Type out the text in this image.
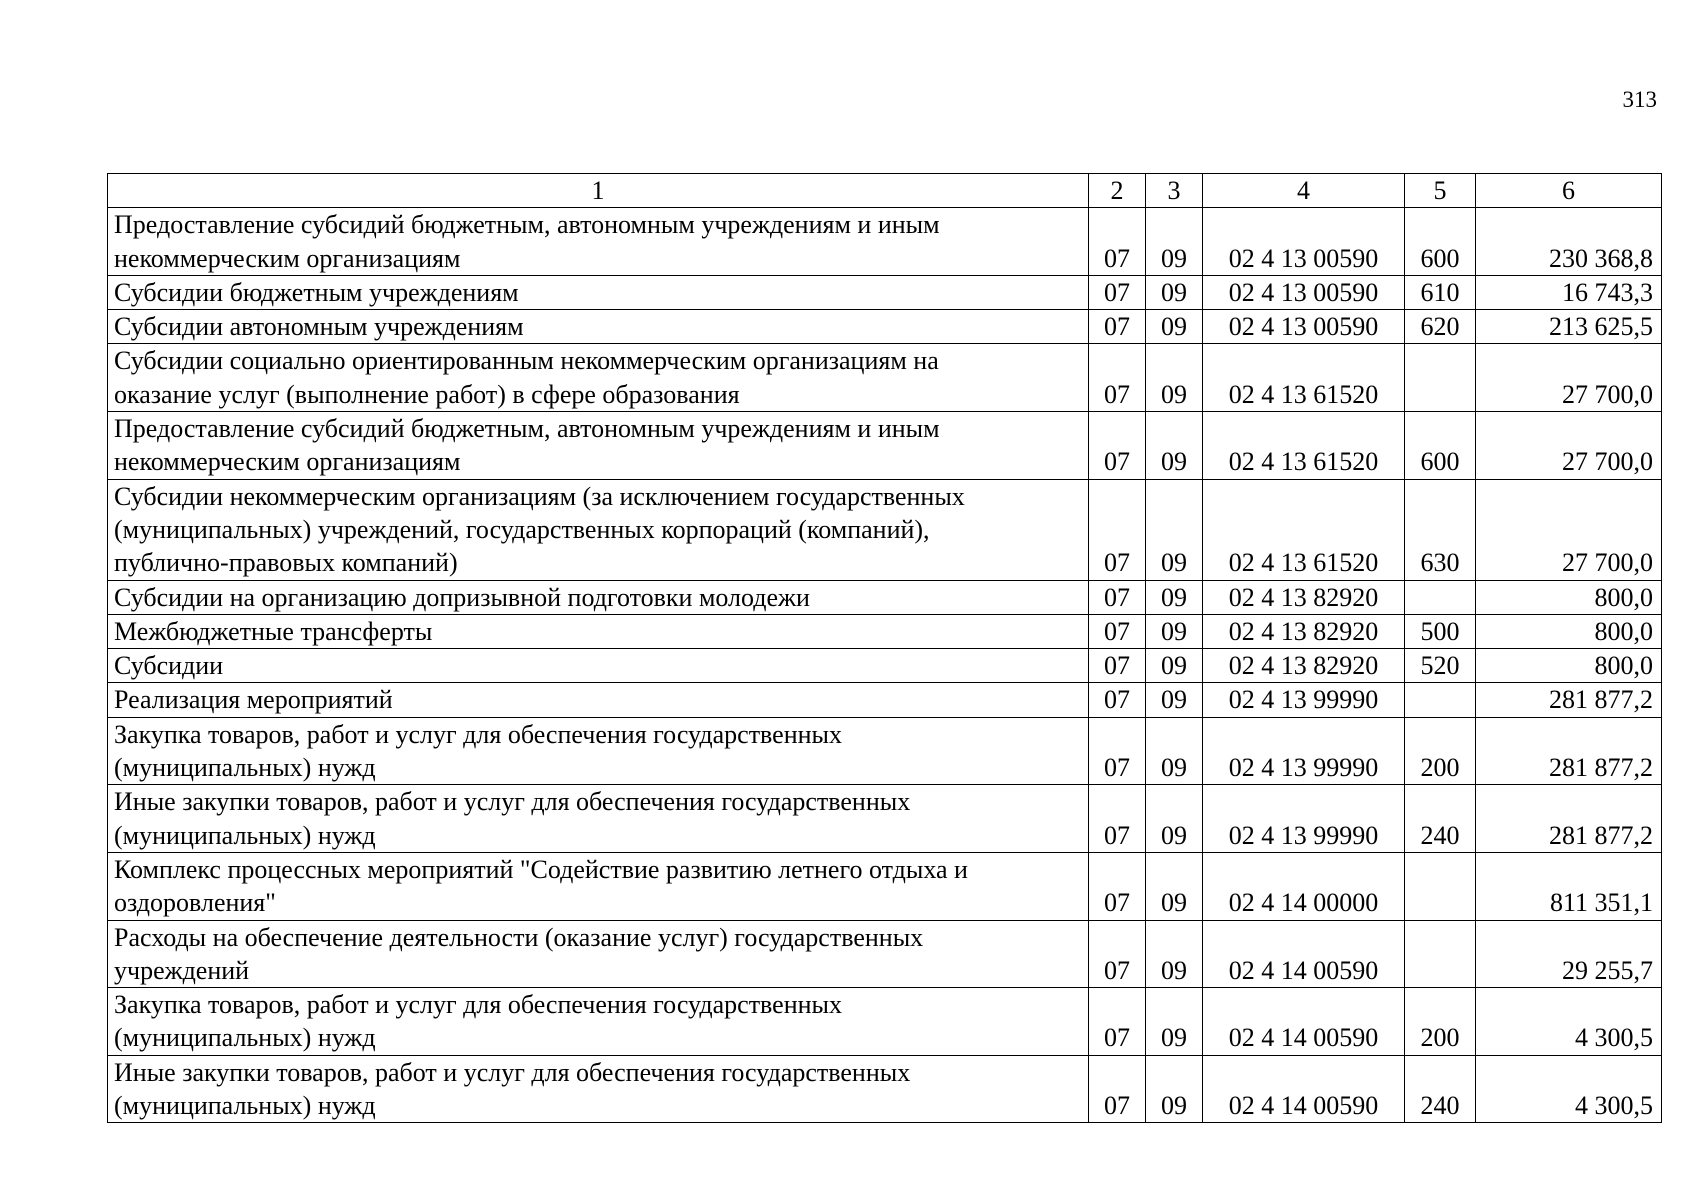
313
1	2	3	4	5	6
Предоставление субсидий бюджетным, автономным учреждениям и иным
некоммерческим организациям	07	09	02 4 13 00590	600	230 368,8
Субсидии бюджетным учреждениям	07	09	02 4 13 00590	610	16 743,3
Субсидии автономным учреждениям	07	09	02 4 13 00590	620	213 625,5
Субсидии социально ориентированным некоммерческим организациям на
оказание услуг (выполнение работ) в сфере образования	07	09	02 4 13 61520		27 700,0
Предоставление субсидий бюджетным, автономным учреждениям и иным
некоммерческим организациям	07	09	02 4 13 61520	600	27 700,0
Субсидии некоммерческим организациям (за исключением государственных
(муниципальных) учреждений, государственных корпораций (компаний),
публично-правовых компаний)	07	09	02 4 13 61520	630	27 700,0
Субсидии на организацию допризывной подготовки молодежи	07	09	02 4 13 82920		800,0
Межбюджетные трансферты	07	09	02 4 13 82920	500	800,0
Субсидии	07	09	02 4 13 82920	520	800,0
Реализация мероприятий	07	09	02 4 13 99990		281 877,2
Закупка товаров, работ и услуг для обеспечения государственных
(муниципальных) нужд	07	09	02 4 13 99990	200	281 877,2
Иные закупки товаров, работ и услуг для обеспечения государственных
(муниципальных) нужд	07	09	02 4 13 99990	240	281 877,2
Комплекс процессных мероприятий "Содействие развитию летнего отдыха и
оздоровления"	07	09	02 4 14 00000		811 351,1
Расходы на обеспечение деятельности (оказание услуг) государственных
учреждений	07	09	02 4 14 00590		29 255,7
Закупка товаров, работ и услуг для обеспечения государственных
(муниципальных) нужд	07	09	02 4 14 00590	200	4 300,5
Иные закупки товаров, работ и услуг для обеспечения государственных
(муниципальных) нужд	07	09	02 4 14 00590	240	4 300,5
